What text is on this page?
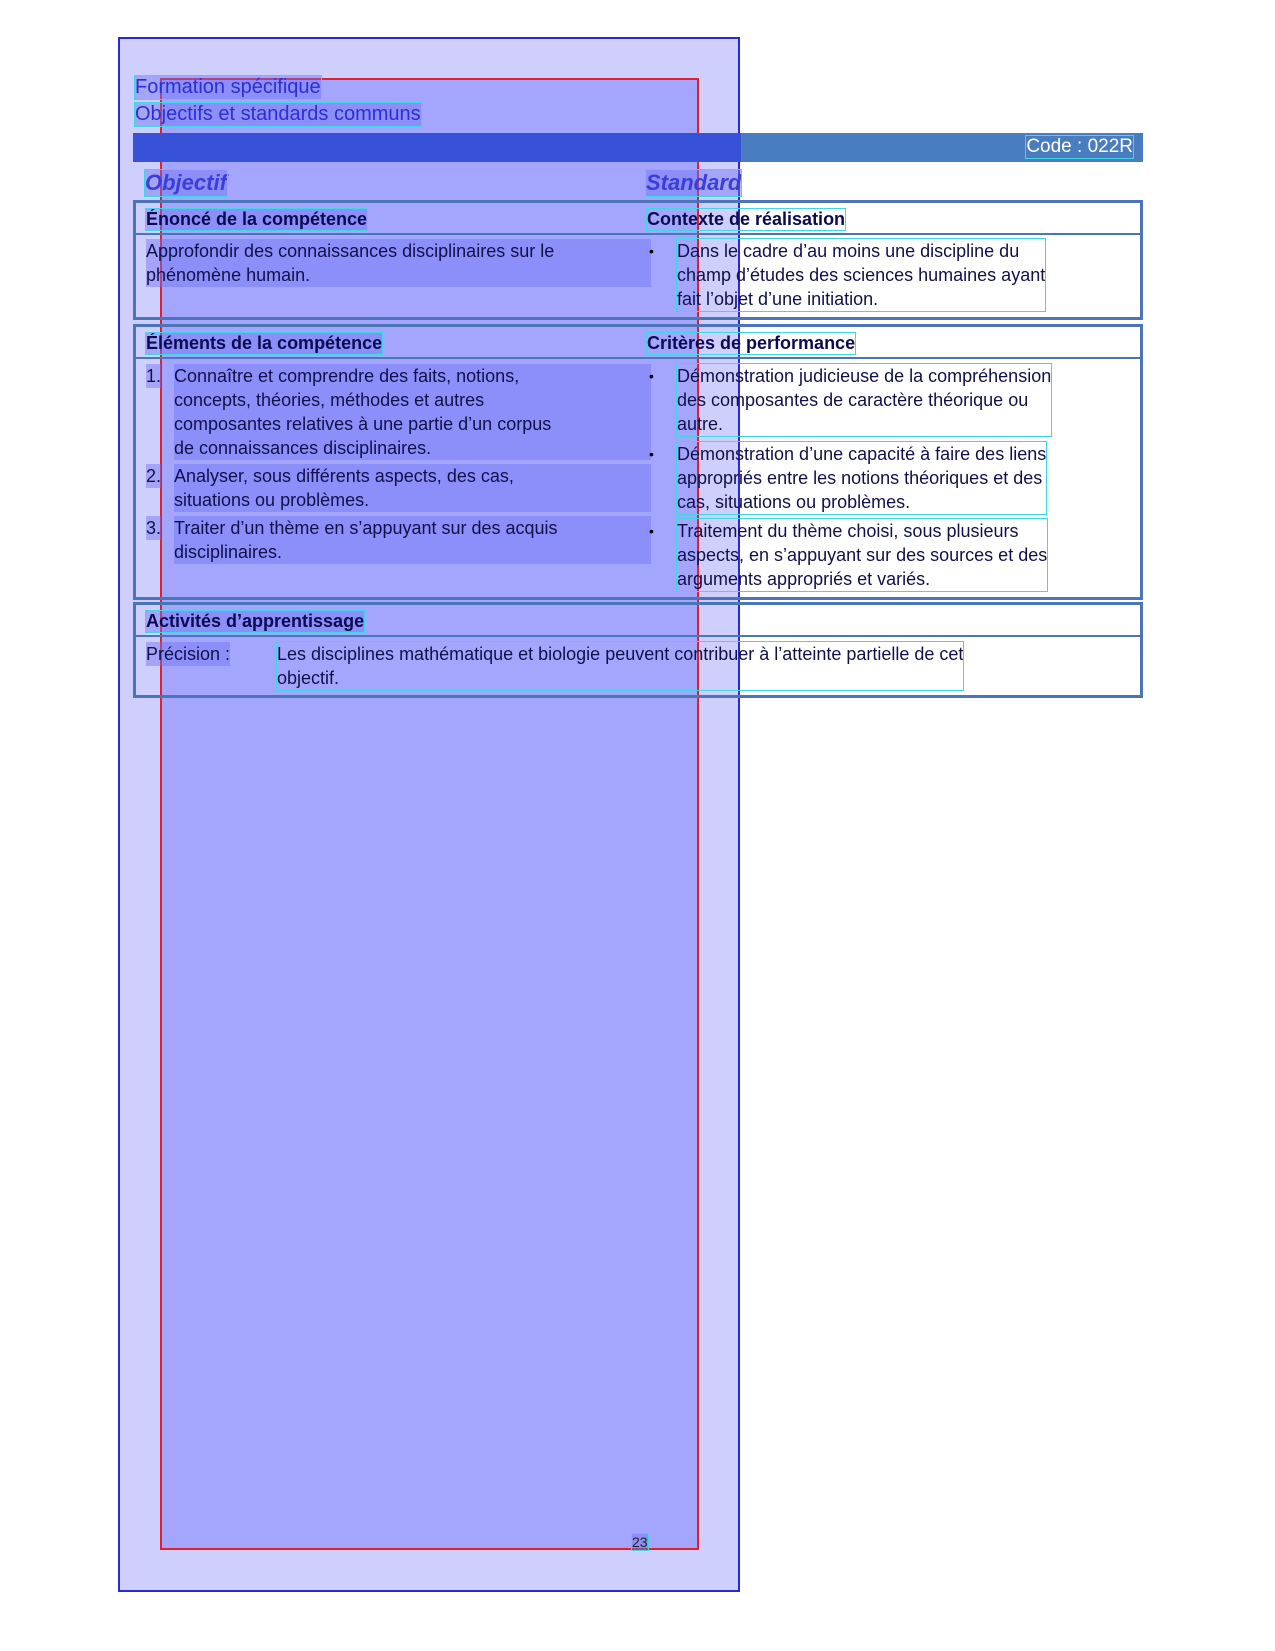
Formation spécifique
Objectifs et standards communs
Code : 022R
Objectif	Standard
Énoncé de la compétence	Contexte de réalisation
Approfondir des connaissances disciplinaires sur le
phénomène humain.
• Dans le cadre d’au moins une discipline du
champ d’études des sciences humaines ayant
fait l’objet d’une initiation.
Éléments de la compétence	Critères de performance
1. Connaître et comprendre des faits, notions,
concepts, théories, méthodes et autres
composantes relatives à une partie d’un corpus
de connaissances disciplinaires.
2. Analyser, sous différents aspects, des cas,
situations ou problèmes.
3. Traiter d’un thème en s’appuyant sur des acquis
disciplinaires.
• Démonstration judicieuse de la compréhension
des composantes de caractère théorique ou
autre.
• Démonstration d’une capacité à faire des liens
appropriés entre les notions théoriques et des
cas, situations ou problèmes.
• Traitement du thème choisi, sous plusieurs
aspects, en s’appuyant sur des sources et des
arguments appropriés et variés.
Activités d’apprentissage
Précision :	Les disciplines mathématique et biologie peuvent contribuer à l’atteinte partielle de cet
objectif.
23
